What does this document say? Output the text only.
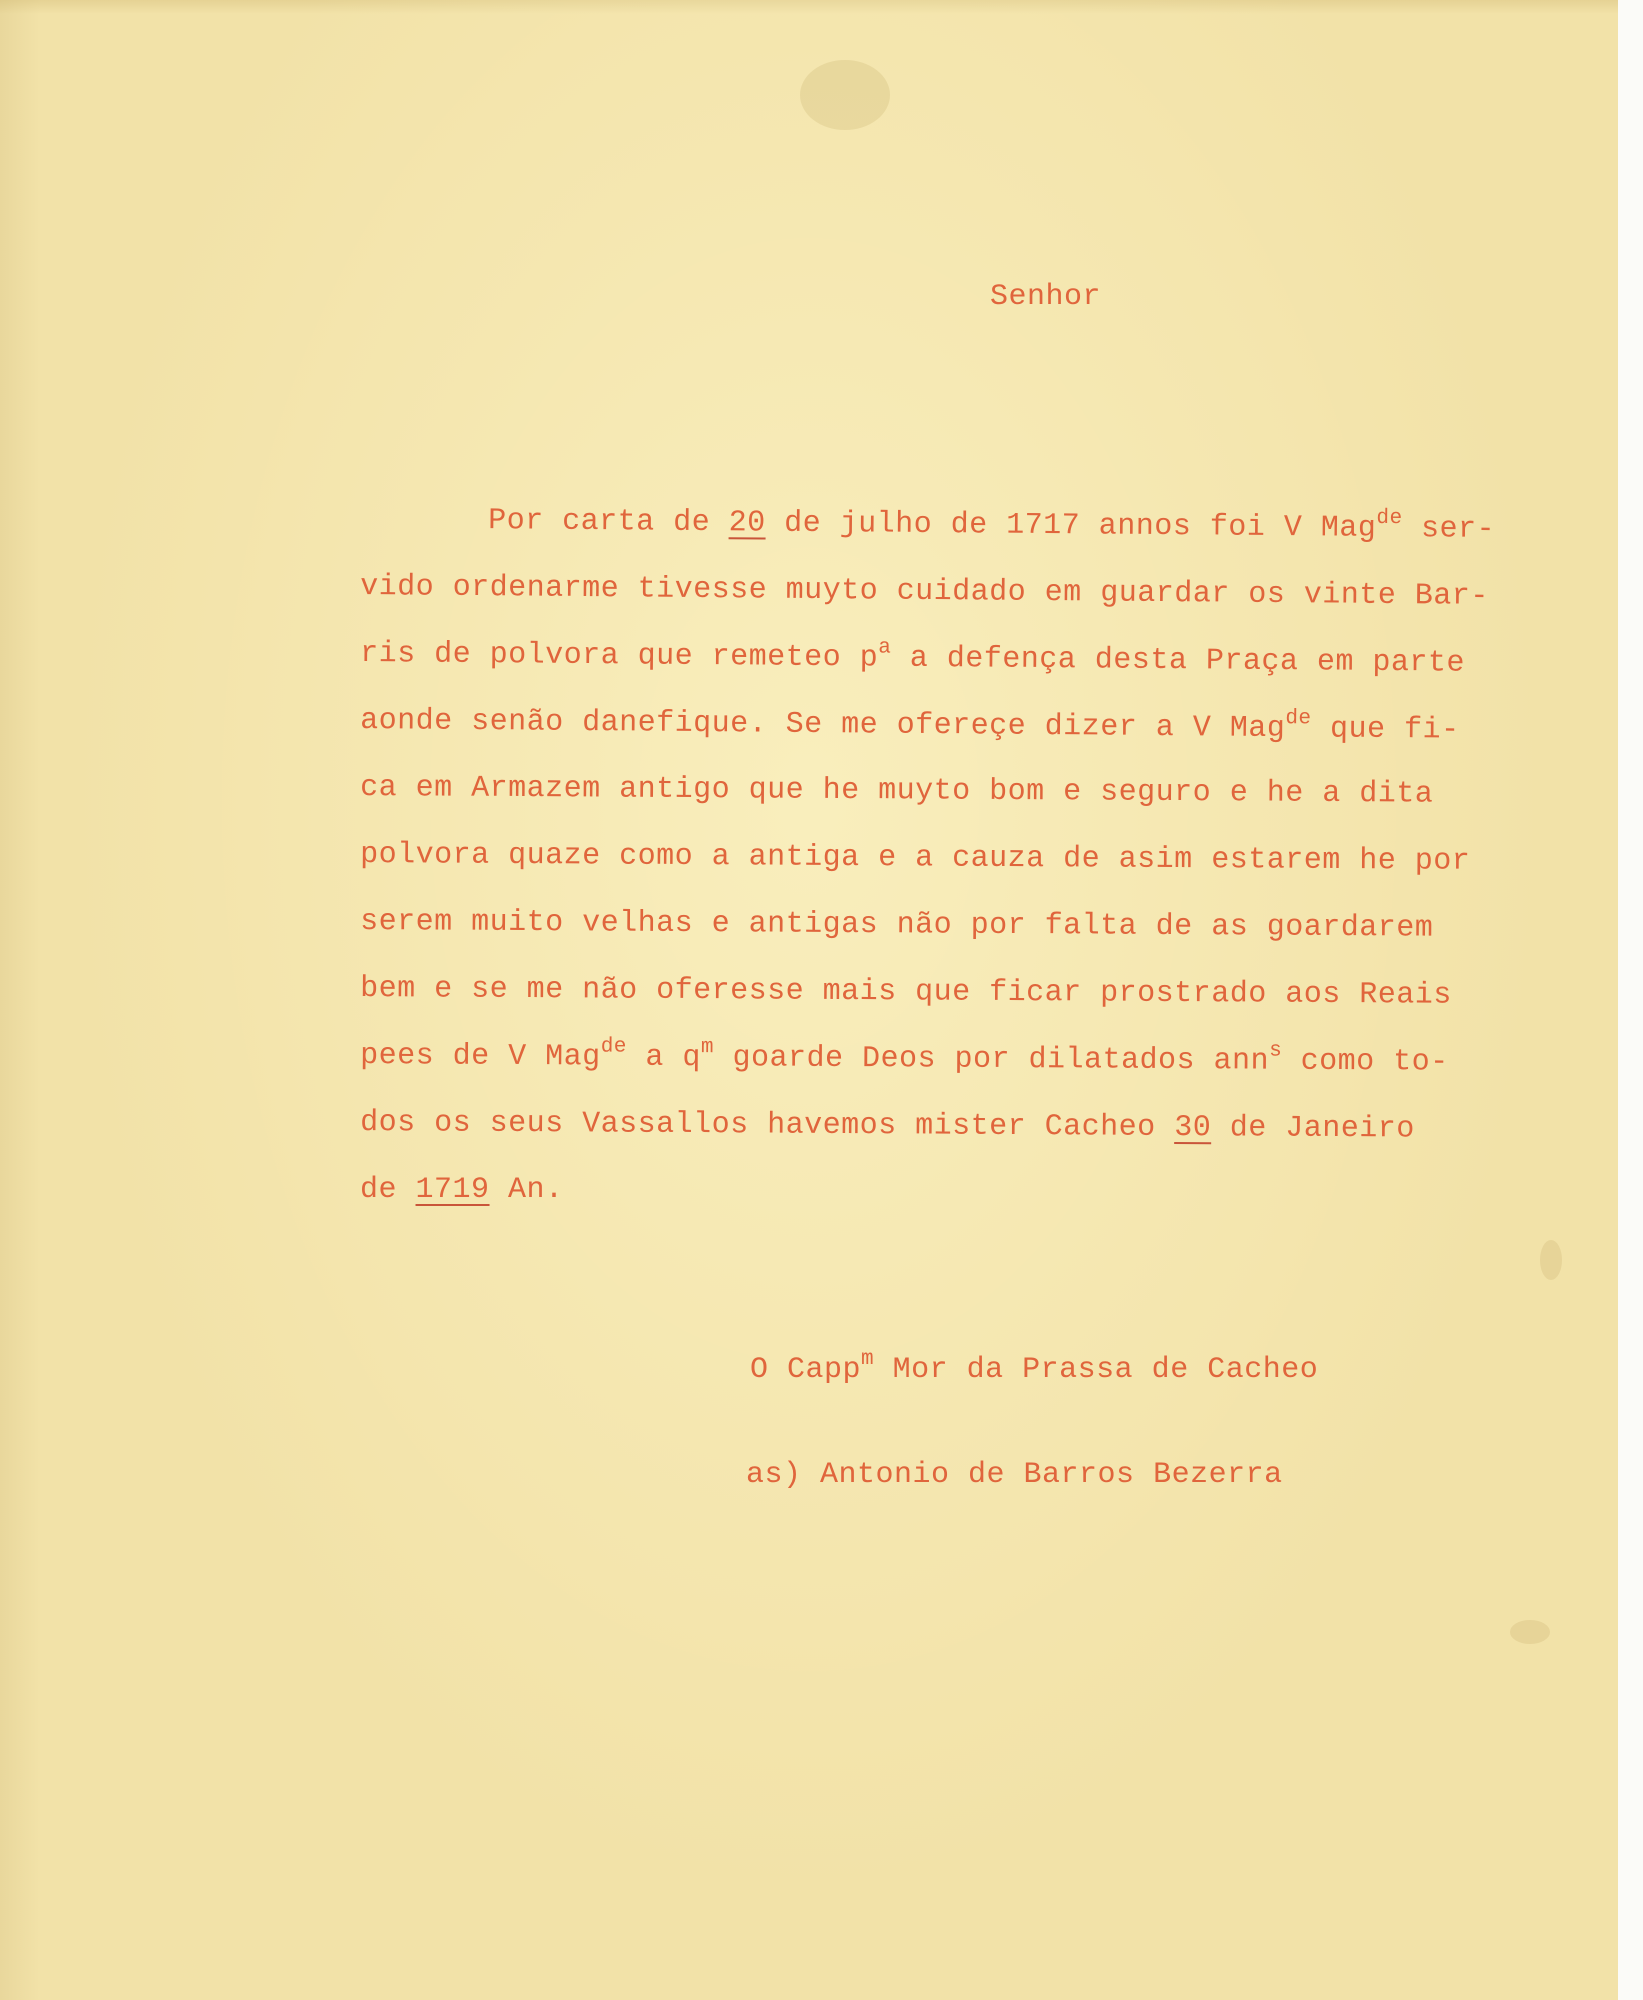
Senhor
Por carta de 20 de julho de 1717 annos foi V Mag$^{de}$ ser-
vido ordenarme tivesse muyto cuidado em guardar os vinte Bar-
ris de polvora que remeteo $p^a$ a defença desta Praça em parte
aonde senão danefique. Se me ofereçe dizer a V Mag$^{de}$ que fi-
ca em Armazem antigo que he muyto bom e seguro e he a dita
polvora quaze como a antiga e a cauza de asim estarem he por
serem muito velhas e antigas não por falta de as goardarem
bem e se me não oferesse mais que ficar prostrado aos Reais
pees de V Mag$^{de}$ a $q^m$ goarde Deos por dilatados ann$^s$ como to-
dos os seus Vassallos havemos mister Cacheo 30 de Janeiro
de 1719 An.
O Capp$^m$ Mor da Prassa de Cacheo
as) Antonio de Barros Bezerra
